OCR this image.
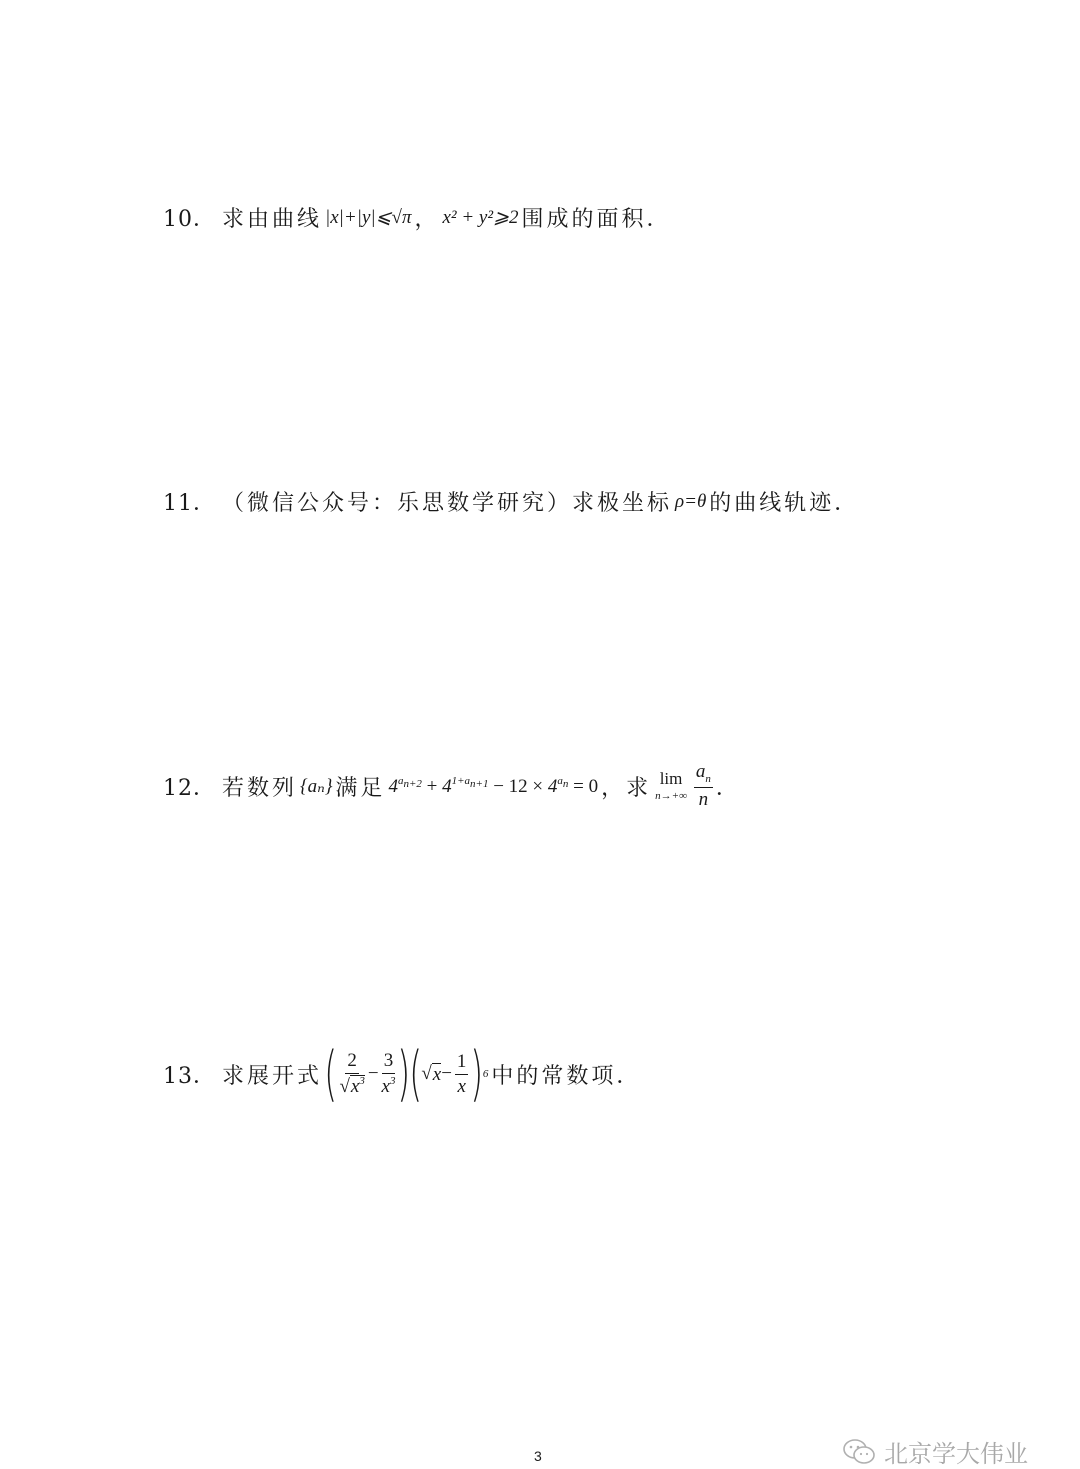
10． 求由曲线 |x|+|y|⩽√π ， x² + y²⩾2 围成的面积．
11． （微信公众号：乐思数学研究）求极坐标 ρ=θ 的曲线轨迹．
12． 若数列 {aₙ} 满足 $4^{a_{n+2}} + 4^{1+a_{n+1}} - 12 \times 4^{a_n} = 0$ ，求 lim
$n\to+\infty \frac{a_n}{n}$ ．
13． 求展开式 ( $\frac{2}{√x^3} - \frac{3}{x^3}$ )
( √ $x - \frac{1}{x}$ ) 6 中的常数项．
3	北京学大伟业
